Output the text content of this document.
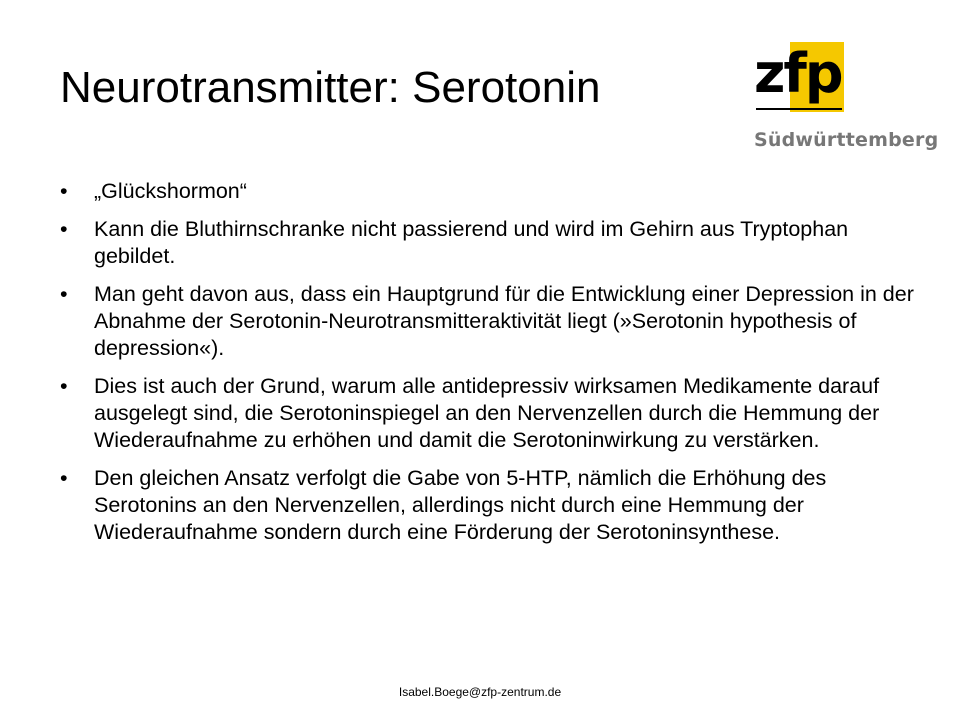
Neurotransmitter: Serotonin	zfp
Südwürttemberg
• „Glückshormon“
• Kann die Bluthirnschranke nicht passierend und wird im Gehirn aus Tryptophan gebildet.
• Man geht davon aus, dass ein Hauptgrund für die Entwicklung einer Depression in der Abnahme der Serotonin-Neurotransmitteraktivität liegt (»Serotonin hypothesis of depression«).
• Dies ist auch der Grund, warum alle antidepressiv wirksamen Medikamente darauf ausgelegt sind, die Serotoninspiegel an den Nervenzellen durch die Hemmung der Wiederaufnahme zu erhöhen und damit die Serotoninwirkung zu verstärken.
• Den gleichen Ansatz verfolgt die Gabe von 5-HTP, nämlich die Erhöhung des Serotonins an den Nervenzellen, allerdings nicht durch eine Hemmung der Wiederaufnahme sondern durch eine Förderung der Serotoninsynthese.
Isabel.Boege@zfp-zentrum.de
